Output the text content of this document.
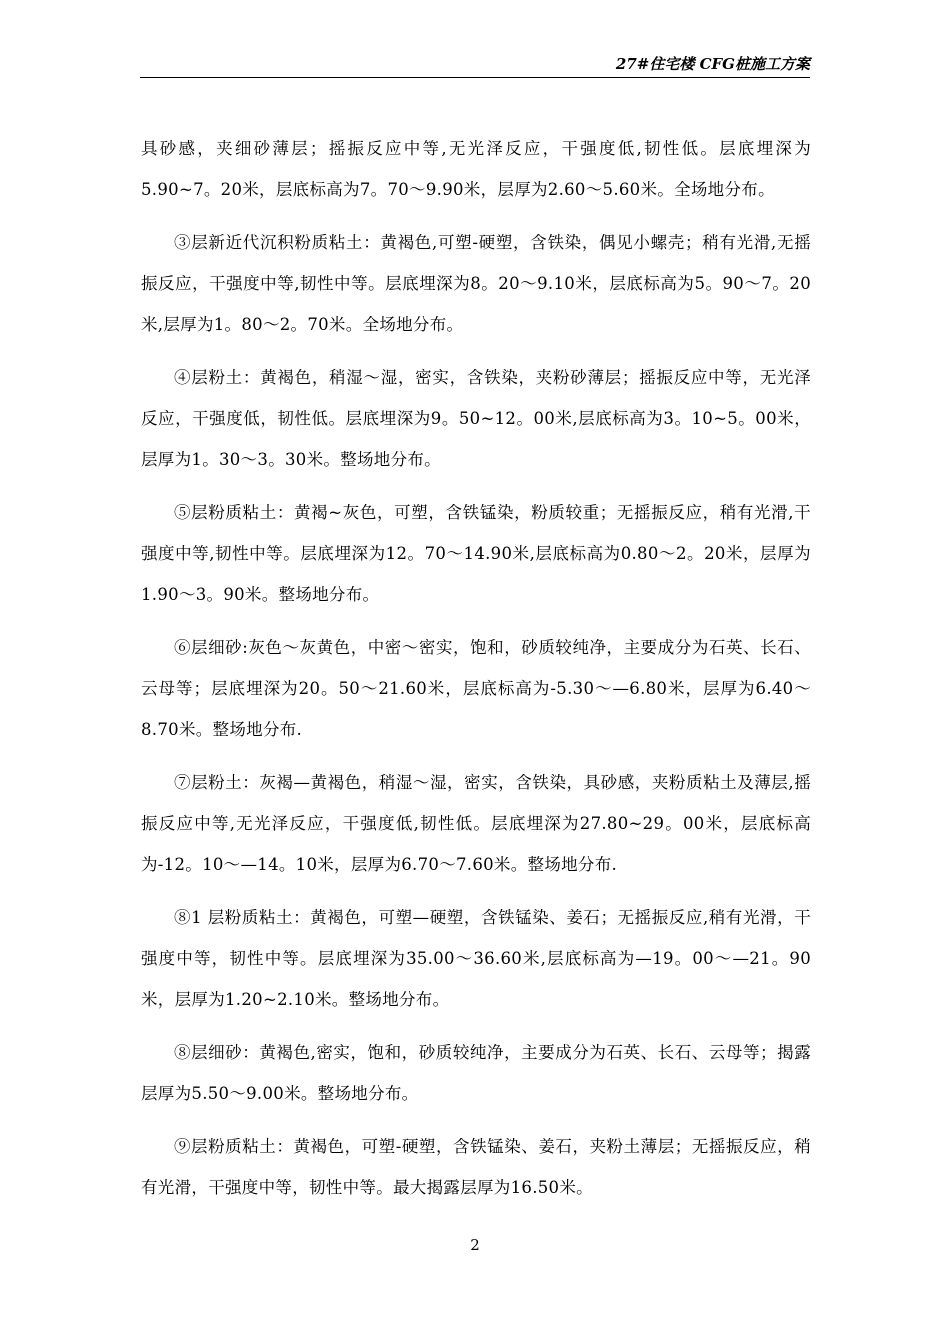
27#住宅楼 CFG桩施工方案

具砂感，夹细砂薄层；摇振反应中等,无光泽反应，干强度低,韧性低。层底埋深为5.90~7。20米，层底标高为7。70～9.90米，层厚为2.60～5.60米。全场地分布。

③层新近代沉积粉质粘土：黄褐色,可塑-硬塑，含铁染，偶见小螺壳；稍有光滑,无摇振反应，干强度中等,韧性中等。层底埋深为8。20～9.10米，层底标高为5。90～7。20米,层厚为1。80～2。70米。全场地分布。

④层粉土：黄褐色，稍湿～湿，密实，含铁染，夹粉砂薄层；摇振反应中等，无光泽反应，干强度低，韧性低。层底埋深为9。50~12。00米,层底标高为3。10~5。00米，层厚为1。30～3。30米。整场地分布。

⑤层粉质粘土：黄褐~灰色，可塑，含铁锰染，粉质较重；无摇振反应，稍有光滑,干强度中等,韧性中等。层底埋深为12。70～14.90米,层底标高为0.80～2。20米，层厚为1.90～3。90米。整场地分布。

⑥层细砂:灰色～灰黄色，中密～密实，饱和，砂质较纯净，主要成分为石英、长石、云母等；层底埋深为20。50～21.60米，层底标高为-5.30～—6.80米，层厚为6.40～8.70米。整场地分布.

⑦层粉土：灰褐—黄褐色，稍湿～湿，密实，含铁染，具砂感，夹粉质粘土及薄层,摇振反应中等,无光泽反应，干强度低,韧性低。层底埋深为27.80~29。00米，层底标高为-12。10～—14。10米，层厚为6.70～7.60米。整场地分布.

⑧1 层粉质粘土：黄褐色，可塑—硬塑，含铁锰染、姜石；无摇振反应,稍有光滑，干强度中等，韧性中等。层底埋深为35.00～36.60米,层底标高为—19。00～—21。90米，层厚为1.20~2.10米。整场地分布。

⑧层细砂：黄褐色,密实，饱和，砂质较纯净，主要成分为石英、长石、云母等；揭露层厚为5.50～9.00米。整场地分布。

⑨层粉质粘土：黄褐色，可塑-硬塑，含铁锰染、姜石，夹粉土薄层；无摇振反应，稍有光滑，干强度中等，韧性中等。最大揭露层厚为16.50米。

2
